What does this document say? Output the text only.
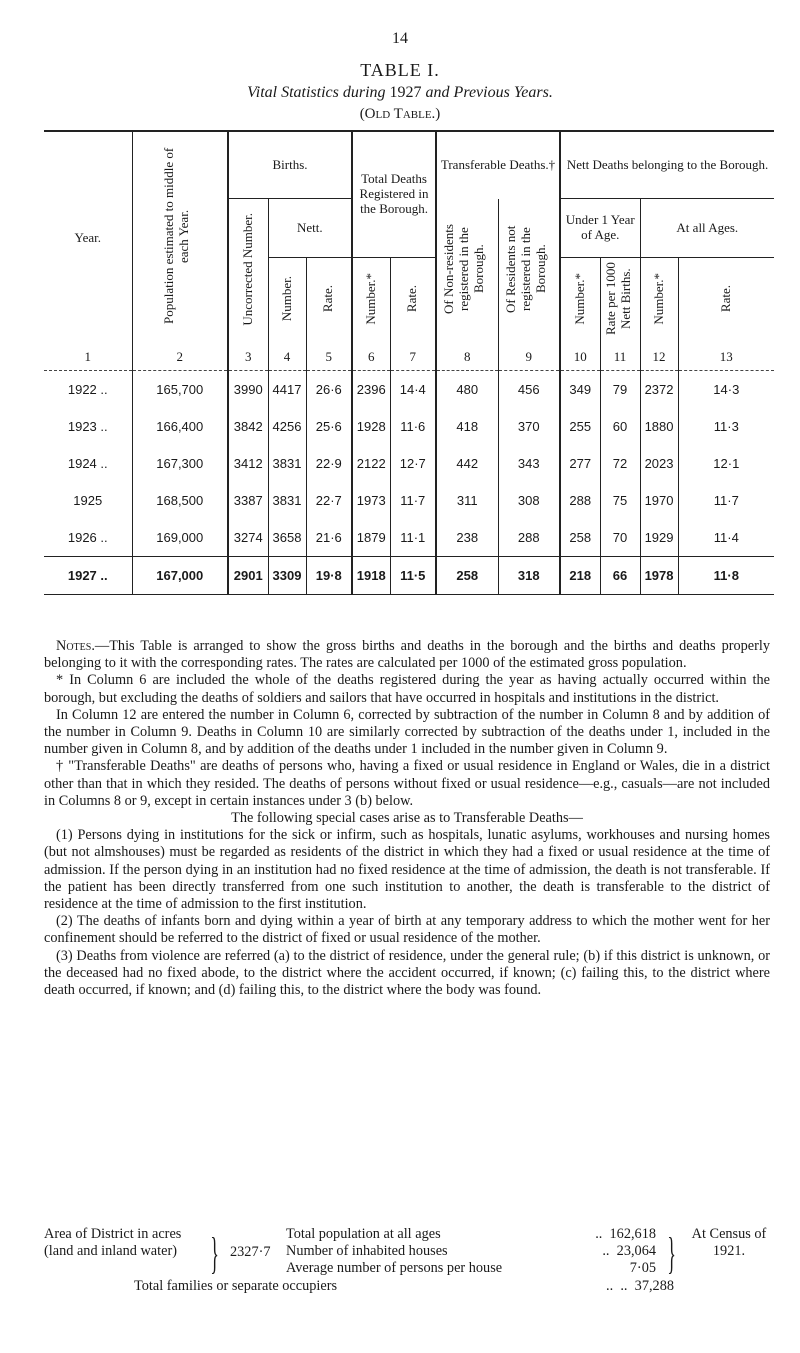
14
TABLE I.
Vital Statistics during 1927 and Previous Years.
(Old Table.)
Year.	Population estimated to middle of each Year.	Births.			Total Deaths Registered in the Borough.		Transferable Deaths.†		Nett Deaths belonging to the Borough.			
		Uncorrected Number.	Nett.				Of Non-residents registered in the Borough.	Of Residents not registered in the Borough.	Under 1 Year of Age.		At all Ages.	
			Number.	Rate.	Number.*	Rate.			Number.*	Rate per 1000 Nett Births.	Number.*	Rate.
1	2	3	4	5	6	7	8	9	10	11	12	13
1922 ..	165,700	3990	4417	26·6	2396	14·4	480	456	349	79	2372	14·3
1923 ..	166,400	3842	4256	25·6	1928	11·6	418	370	255	60	1880	11·3
1924 ..	167,300	3412	3831	22·9	2122	12·7	442	343	277	72	2023	12·1
1925	168,500	3387	3831	22·7	1973	11·7	311	308	288	75	1970	11·7
1926 ..	169,000	3274	3658	21·6	1879	11·1	238	288	258	70	1929	11·4
1927 ..	167,000	2901	3309	19·8	1918	11·5	258	318	218	66	1978	11·8

Notes.—This Table is arranged to show the gross births and deaths in the borough and the births and deaths properly belonging to it with the corresponding rates. The rates are calculated per 1000 of the estimated gross population.

* In Column 6 are included the whole of the deaths registered during the year as having actually occurred within the borough, but excluding the deaths of soldiers and sailors that have occurred in hospitals and institutions in the district.

In Column 12 are entered the number in Column 6, corrected by subtraction of the number in Column 8 and by addition of the number in Column 9. Deaths in Column 10 are similarly corrected by subtraction of the deaths under 1, included in the number given in Column 8, and by addition of the deaths under 1 included in the number given in Column 9.

† "Transferable Deaths" are deaths of persons who, having a fixed or usual residence in England or Wales, die in a district other than that in which they resided. The deaths of persons without fixed or usual residence—e.g., casuals—are not included in Columns 8 or 9, except in certain instances under 3 (b) below.

The following special cases arise as to Transferable Deaths—

(1) Persons dying in institutions for the sick or infirm, such as hospitals, lunatic asylums, workhouses and nursing homes (but not almshouses) must be regarded as residents of the district in which they had a fixed or usual residence at the time of admission. If the person dying in an institution had no fixed residence at the time of admission, the death is not transferable. If the patient has been directly transferred from one such institution to another, the death is transferable to the district of residence at the time of admission to the first institution.

(2) The deaths of infants born and dying within a year of birth at any temporary address to which the mother went for her confinement should be referred to the district of fixed or usual residence of the mother.

(3) Deaths from violence are referred (a) to the district of residence, under the general rule; (b) if this district is unknown, or the deceased had no fixed abode, to the district where the accident occurred, if known; (c) failing this, to the district where death occurred, if known; and (d) failing this, to the district where the body was found.

Area of District in acres (land and inland water) } 2327·7
Total population at all ages	.. 162,618
Number of inhabited houses	.. 23,064
Average number of persons per house	7·05 } At Census of 1921.
Total families or separate occupiers	.. .. 37,288
